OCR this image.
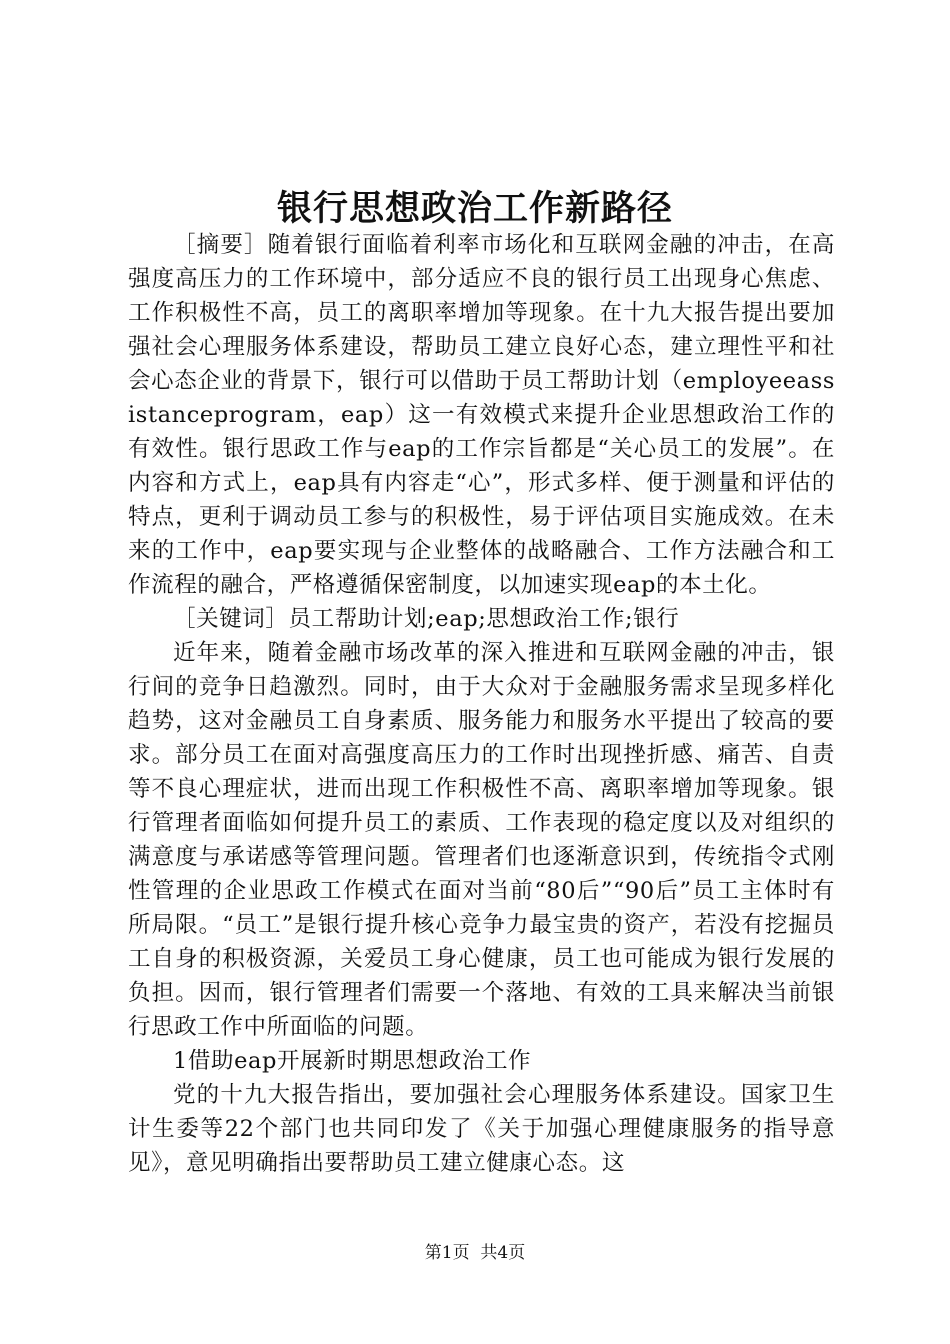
银行思想政治工作新路径

［摘要］随着银行面临着利率市场化和互联网金融的冲击，在高强度高压力的工作环境中，部分适应不良的银行员工出现身心焦虑、工作积极性不高，员工的离职率增加等现象。在十九大报告提出要加强社会心理服务体系建设，帮助员工建立良好心态，建立理性平和社会心态企业的背景下，银行可以借助于员工帮助计划（employeeassistanceprogram，eap）这一有效模式来提升企业思想政治工作的有效性。银行思政工作与eap的工作宗旨都是“关心员工的发展”。在内容和方式上，eap具有内容走“心”，形式多样、便于测量和评估的特点，更利于调动员工参与的积极性，易于评估项目实施成效。在未来的工作中，eap要实现与企业整体的战略融合、工作方法融合和工作流程的融合，严格遵循保密制度，以加速实现eap的本土化。

［关键词］员工帮助计划;eap;思想政治工作;银行

近年来，随着金融市场改革的深入推进和互联网金融的冲击，银行间的竞争日趋激烈。同时，由于大众对于金融服务需求呈现多样化趋势，这对金融员工自身素质、服务能力和服务水平提出了较高的要求。部分员工在面对高强度高压力的工作时出现挫折感、痛苦、自责等不良心理症状，进而出现工作积极性不高、离职率增加等现象。银行管理者面临如何提升员工的素质、工作表现的稳定度以及对组织的满意度与承诺感等管理问题。管理者们也逐渐意识到，传统指令式刚性管理的企业思政工作模式在面对当前“80后”“90后”员工主体时有所局限。“员工”是银行提升核心竞争力最宝贵的资产，若没有挖掘员工自身的积极资源，关爱员工身心健康，员工也可能成为银行发展的负担。因而，银行管理者们需要一个落地、有效的工具来解决当前银行思政工作中所面临的问题。

1借助eap开展新时期思想政治工作

党的十九大报告指出，要加强社会心理服务体系建设。国家卫生计生委等22个部门也共同印发了《关于加强心理健康服务的指导意见》，意见明确指出要帮助员工建立健康心态。这

第1页  共4页
